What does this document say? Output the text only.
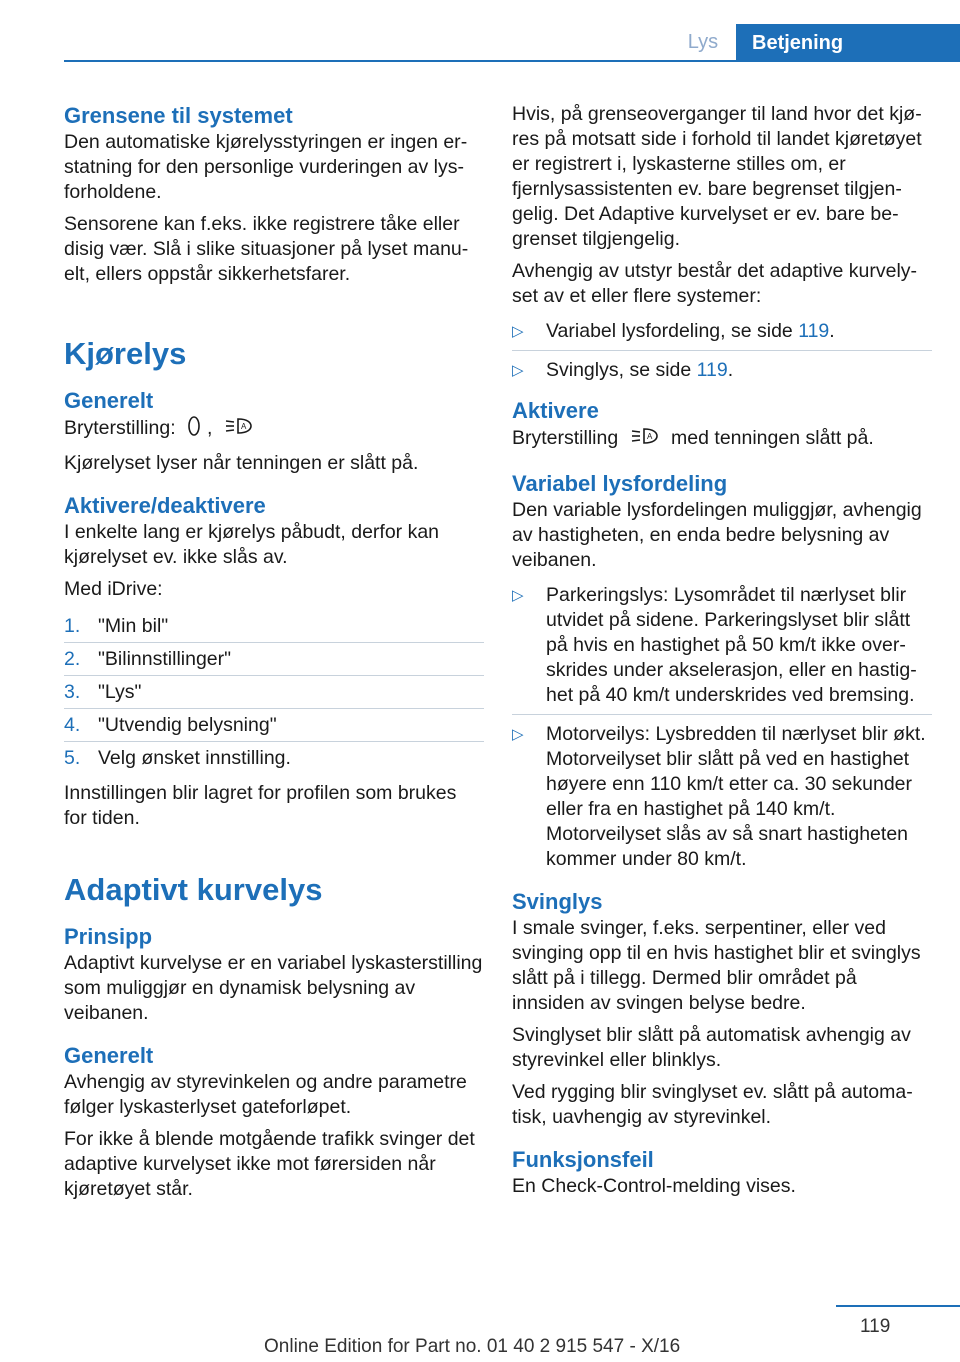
Lys	Betjening
Grensene til systemet

Den automatiske kjørelysstyringen er ingen erstatning for den personlige vurderingen av lysforholdene.

Sensorene kan f.eks. ikke registrere tåke eller disig vær. Slå i slike situasjoner på lyset manuelt, ellers oppstår sikkerhetsfarer.

Kjørelys
Generelt

Bryterstilling: ,	A

Kjørelyset lyser når tenningen er slått på.

Aktivere/deaktivere

I enkelte lang er kjørelys påbudt, derfor kan kjørelyset ev. ikke slås av.

Med iDrive:

1. "Min bil"
2. "Bilinnstillinger"
3. "Lys"
4. "Utvendig belysning"
5. Velg ønsket innstilling.

Innstillingen blir lagret for profilen som brukes for tiden.

Adaptivt kurvelys
Prinsipp

Adaptivt kurvelyse er en variabel lyskasterstilling som muliggjør en dynamisk belysning av veibanen.

Generelt

Avhengig av styrevinkelen og andre parametre følger lyskasterlyset gateforløpet.

For ikke å blende motgående trafikk svinger det adaptive kurvelyset ikke mot førersiden når kjøretøyet står.

Hvis, på grenseoverganger til land hvor det kjøres på motsatt side i forhold til landet kjøretøyet er registrert i, lyskasterne stilles om, er fjernlysassistenten ev. bare begrenset tilgjengelig. Det Adaptive kurvelyset er ev. bare begrenset tilgjengelig.

Avhengig av utstyr består det adaptive kurvelyset av et eller flere systemer:

▷ Variabel lysfordeling, se side 119.
▷ Svinglys, se side 119.
Aktivere

Bryterstilling	A med tenningen slått på.

Variabel lysfordeling

Den variable lysfordelingen muliggjør, avhengig av hastigheten, en enda bedre belysning av veibanen.

▷ Parkeringslys: Lysområdet til nærlyset blir utvidet på sidene. Parkeringslyset blir slått på hvis en hastighet på 50 km/t ikke overskrides under akselerasjon, eller en hastighet på 40 km/t underskrides ved bremsing.
▷ Motorveilys: Lysbredden til nærlyset blir økt. Motorveilyset blir slått på ved en hastighet høyere enn 110 km/t etter ca. 30 sekunder eller fra en hastighet på 140 km/t. Motorveilyset slås av så snart hastigheten kommer under 80 km/t.
Svinglys

I smale svinger, f.eks. serpentiner, eller ved svinging opp til en hvis hastighet blir et svinglys slått på i tillegg. Dermed blir området på innsiden av svingen belyse bedre.

Svinglyset blir slått på automatisk avhengig av styrevinkel eller blinklys.

Ved rygging blir svinglyset ev. slått på automatisk, uavhengig av styrevinkel.

Funksjonsfeil

En Check-Control-melding vises.

119
Online Edition for Part no. 01 40 2 915 547 - X/16
